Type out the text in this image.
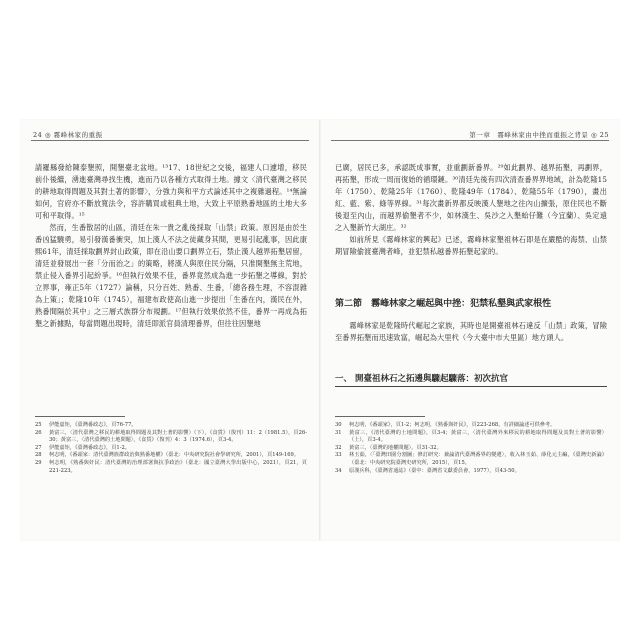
24 ◎ 霧峰林家的重振

請羅縣發給陳泰墾照，開墾臺北盆地。¹³17、18世紀之交後，福建人口遽增，移民前仆後繼，湧進臺灣尋找生機，進而乃以各種方式取得土地。據文〈清代臺灣之移民的耕地取得問題及其對土著的影響〉，分強力與和平方式論述其中之複雜過程。¹⁴無論如何，官府亦不斷放寬法令，容許購買或租典土地，大致上平原熟番地區的土地大多可和平取得。¹⁵

然而，生番散居的山區，清廷在朱一貴之亂後採取「山禁」政策。原因是由於生番凶猛驍勇，易引發漢番衝突，加上漢人不法之徒藏身其間，更易引起亂事，因此康熙61年，清廷採取劃界封山政策，即在沿山要口劃界立石，禁止漢人越界拓墾居留，清廷並發展出一套「分而治之」的策略，將漢人與原住民分隔，只准開墾無主荒地，禁止侵入番界引起紛爭。¹⁶但執行效果不佳，番界竟然成為進一步拓墾之導線，對於立界事，雍正5年（1727）論稱，只分百姓、熟番、生番，「總各務生理，不容混雜為上策」；乾隆10年（1745），福建布政使高山進一步提出「生番在內，漢民在外，熟番間隔於其中」之三層式族群分布規劃。¹⁷但執行效果依然不佳，番界一再成為拓墾之新據點，每當問題出現時，清廷即派官員清理番界，但往往因墾地

25	伊能嘉矩，《臺灣番政志》，頁76-77。
26	黃富三，〈清代臺灣之移民的耕地取得問題及其對土著的影響〉（下），《食貨》（復刊）11：2（1981.5），頁26-30；黃富三，〈清代臺灣的土地問題〉，《食貨》（復刊）4：3（1974.6），頁3-4。
27	伊能嘉矩，《臺灣番政志》，頁1-2。
28	柯志明，《番頭家：清代臺灣族群政治與熟番地權》（臺北：中央研究院社會學研究所，2001），頁149-169。
29	柯志明，《熟番與奸民：清代臺灣的治理部署與抗爭政治》（臺北：國立臺灣大學出版中心，2021），頁21，頁221-223。
第一章　霧峰林家由中挫而重振之背景 ◎ 25

已廣，居民已多，承認既成事實，並重劃新番界。²⁹如此劃界、越界拓墾，再劃界，再拓墾，形成一周而復始的循環鏈。³⁰清廷先後有四次清查番界界地域，計為乾隆15年（1750）、乾隆25年（1760）、乾隆49年（1784）、乾隆55年（1790），畫出紅、藍、紫、綠等界線。³¹每次畫新界都反映漢人墾地之往內山擴張，原住民也不斷後退至內山，而越界偷墾者不少，如林漢生、吳沙之入墾蛤仔難（今宜蘭）、吳定遠之入墾新竹大湖庄。³²

如前所見《霧峰林家的興起》已述，霧峰林家墾祖林石即是在嚴酷的海禁、山禁期冒險偷渡臺灣者峰，並犯禁私越番界拓墾起家的。

第二節 霧峰林家之崛起與中挫：犯禁私墾與武家根性

霧峰林家是乾隆時代崛起之家族，其時也是開臺祖林石違反「山禁」政策，冒險至番界拓墾而迅速致富，崛起為大里杙（今大臺中市大里區）地方頭人。

一、 開臺祖林石之拓邊與驟起驟落：初次抗官
30	柯志明，《番頭家》，頁1-2；柯志明，《熟番與奸民》，頁223-268。有詳細論述可供參考。
31	黃富三，《清代臺灣的土地問題》，頁3-4；黃富三，〈清代臺灣外來移民的耕地取得問題及其對土著的影響〉（上），頁3-4。
32	黃富三，〈臺灣的地權問題〉，頁31-32。
33	林玉茹，〈「臺灣田園分割圖」修訂研究：兼論清代臺灣番界的變遷〉，收入林玉茹、薛化元主編，《臺灣史新論》（臺北：中央研究院臺灣史研究所，2015），頁15。
34	原漢兵科，《臺灣省通誌》（臺中：臺灣省文獻委員會，1977），頁43-50。
